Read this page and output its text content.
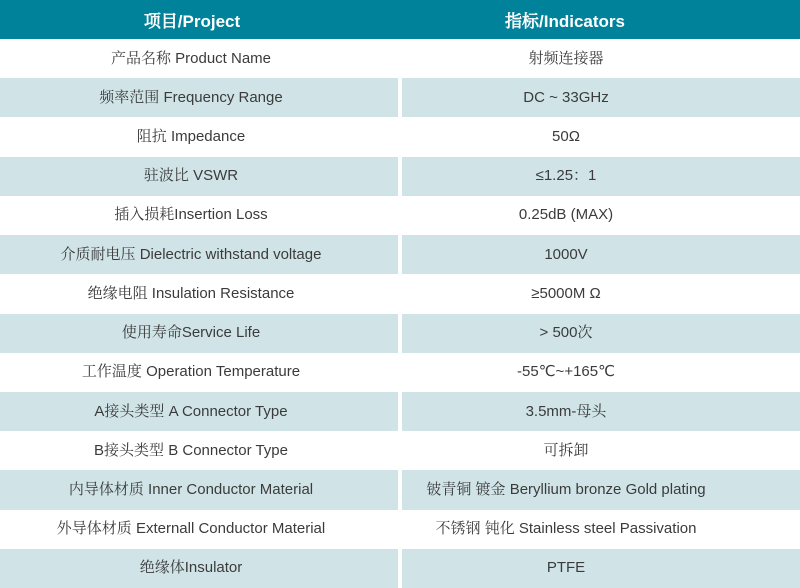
项目/Project	指标/Indicators
产品名称 Product Name	射频连接器
频率范围 Frequency Range	DC ~ 33GHz
阻抗 Impedance	50Ω
驻波比 VSWR	≤1.25：1
插入损耗Insertion Loss	0.25dB (MAX)
介质耐电压 Dielectric withstand voltage	1000V
绝缘电阻 Insulation Resistance	≥5000M Ω
使用寿命Service Life	> 500次
工作温度 Operation Temperature	-55℃~+165℃
A接头类型 A Connector Type	3.5mm-母头
B接头类型 B Connector Type	可拆卸
内导体材质 Inner Conductor Material	铍青铜 镀金 Beryllium bronze Gold plating
外导体材质 Externall Conductor Material	不锈钢 钝化 Stainless steel Passivation
绝缘体Insulator	PTFE
